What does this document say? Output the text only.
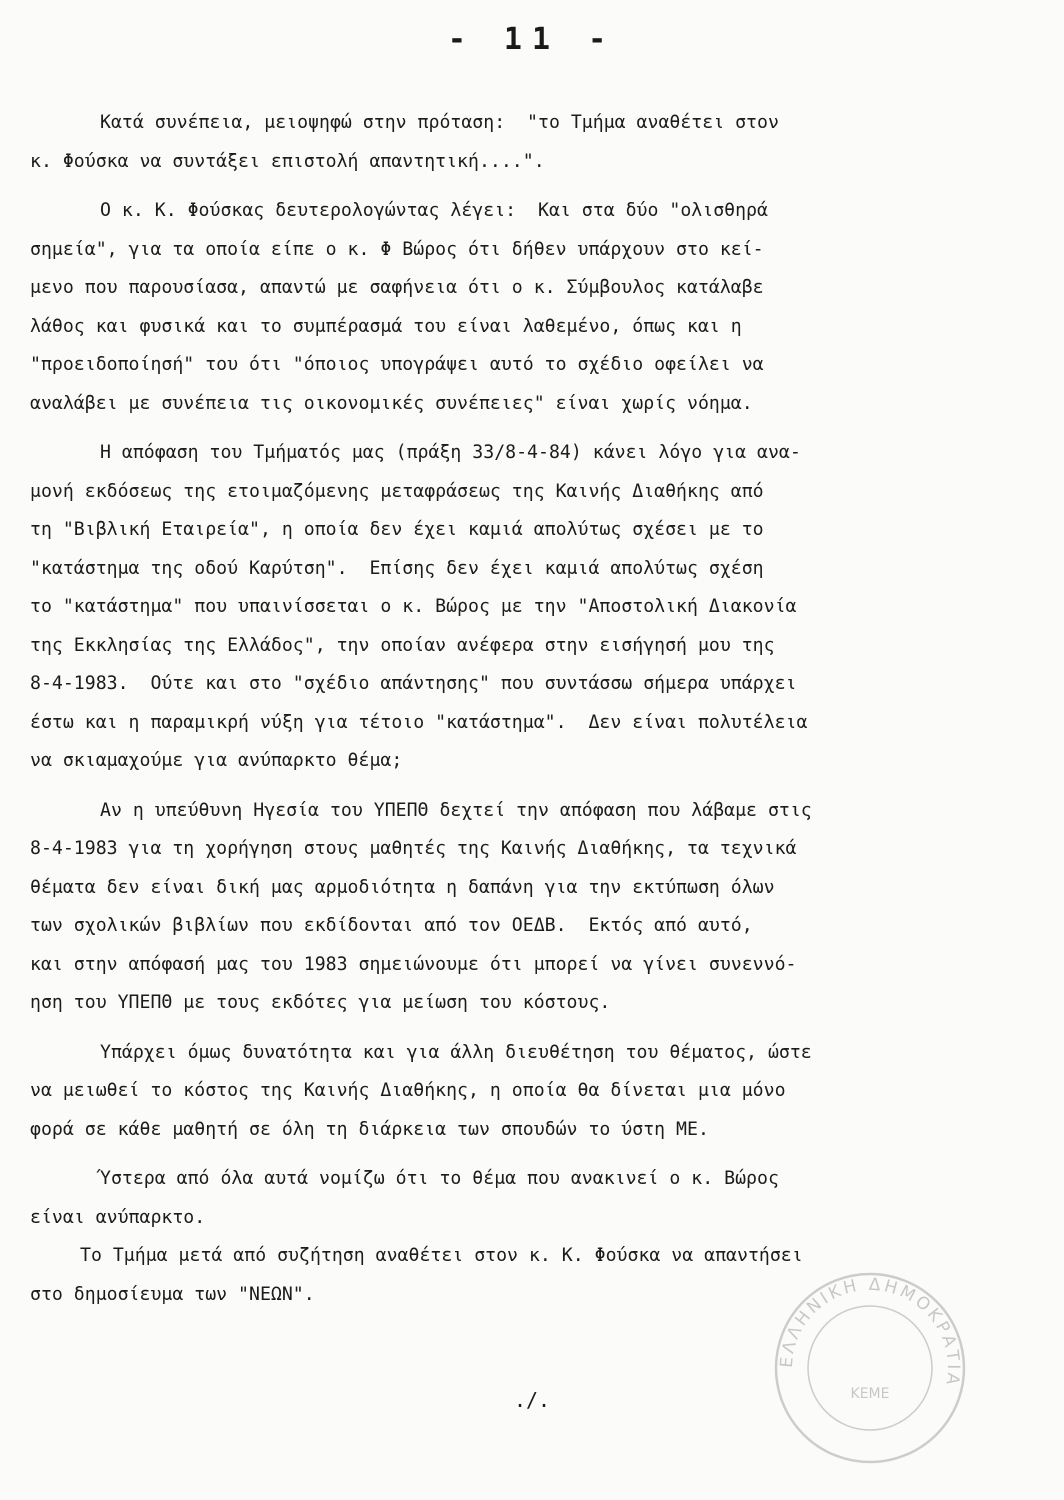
- 11 -
Κατά συνέπεια, μειοψηφώ στην πρόταση:  "το Τμήμα αναθέτει στον
κ. Φούσκα να συντάξει επιστολή απαντητική....".
Ο κ. Κ. Φούσκας δευτερολογώντας λέγει:  Και στα δύο "ολισθηρά
σημεία", για τα οποία είπε ο κ. Φ Βώρος ότι δήθεν υπάρχουν στο κεί-
μενο που παρουσίασα, απαντώ με σαφήνεια ότι ο κ. Σύμβουλος κατάλαβε
λάθος και φυσικά και το συμπέρασμά του είναι λαθεμένο, όπως και η
"προειδοποίησή" του ότι "όποιος υπογράψει αυτό το σχέδιο οφείλει να
αναλάβει με συνέπεια τις οικονομικές συνέπειες" είναι χωρίς νόημα.
Η απόφαση του Τμήματός μας (πράξη 33/8-4-84) κάνει λόγο για ανα-
μονή εκδόσεως της ετοιμαζόμενης μεταφράσεως της Καινής Διαθήκης από
τη "Βιβλική Εταιρεία", η οποία δεν έχει καμιά απολύτως σχέσει με το
"κατάστημα της οδού Καρύτση".  Επίσης δεν έχει καμιά απολύτως σχέση
το "κατάστημα" που υπαινίσσεται ο κ. Βώρος με την "Αποστολική Διακονία
της Εκκλησίας της Ελλάδος", την οποίαν ανέφερα στην εισήγησή μου της
8-4-1983.  Ούτε και στο "σχέδιο απάντησης" που συντάσσω σήμερα υπάρχει
έστω και η παραμικρή νύξη για τέτοιο "κατάστημα".  Δεν είναι πολυτέλεια
να σκιαμαχούμε για ανύπαρκτο θέμα;
Αν η υπεύθυνη Ηγεσία του ΥΠΕΠΘ δεχτεί την απόφαση που λάβαμε στις
8-4-1983 για τη χορήγηση στους μαθητές της Καινής Διαθήκης, τα τεχνικά
θέματα δεν είναι δική μας αρμοδιότητα η δαπάνη για την εκτύπωση όλων
των σχολικών βιβλίων που εκδίδονται από τον ΟΕΔΒ.  Εκτός από αυτό,
και στην απόφασή μας του 1983 σημειώνουμε ότι μπορεί να γίνει συνεννό-
ηση του ΥΠΕΠΘ με τους εκδότες για μείωση του κόστους.
Υπάρχει όμως δυνατότητα και για άλλη διευθέτηση του θέματος, ώστε
να μειωθεί το κόστος της Καινής Διαθήκης, η οποία θα δίνεται μια μόνο
φορά σε κάθε μαθητή σε όλη τη διάρκεια των σπουδών το ύστη ΜΕ.
Ύστερα από όλα αυτά νομίζω ότι το θέμα που ανακινεί ο κ. Βώρος
είναι ανύπαρκτο.
Το Τμήμα μετά από συζήτηση αναθέτει στον κ. Κ. Φούσκα να απαντήσει
στο δημοσίευμα των "ΝΕΩΝ".
./.
ΕΛΛΗΝΙΚΗ ΔΗΜΟΚΡΑΤΙΑ
ΚΕΜΕ
